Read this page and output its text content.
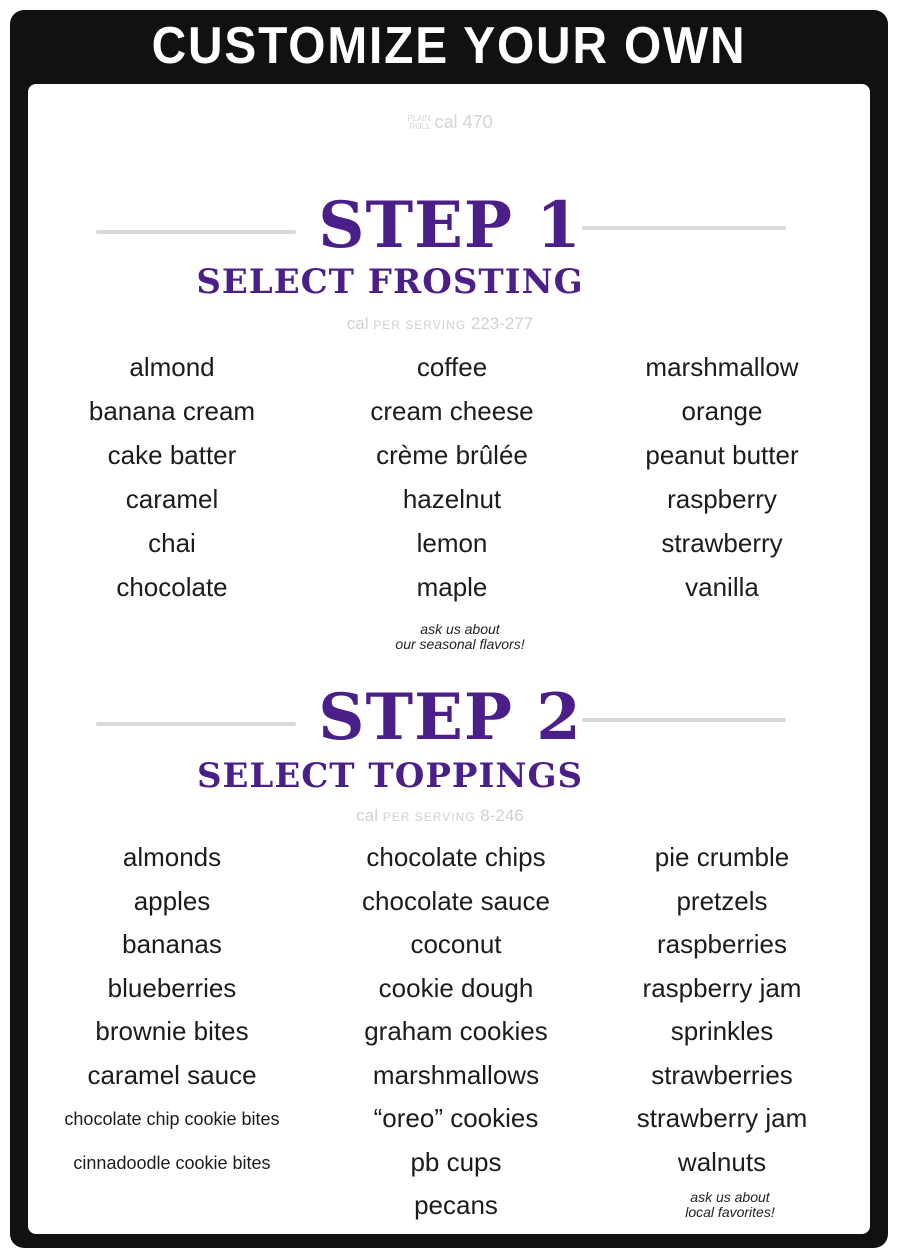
CUSTOMIZE YOUR OWN
PLAIN
ROLL cal 470
STEP 1
SELECT FROSTING
cal PER SERVING 223-277
almond
banana cream
cake batter
caramel
chai
chocolate
coffee
cream cheese
crème brûlée
hazelnut
lemon
maple
marshmallow
orange
peanut butter
raspberry
strawberry
vanilla
ask us about
our seasonal flavors!
STEP 2
SELECT TOPPINGS
cal PER SERVING 8-246
almonds
apples
bananas
blueberries
brownie bites
caramel sauce
chocolate chip cookie bites
cinnadoodle cookie bites
chocolate chips
chocolate sauce
coconut
cookie dough
graham cookies
marshmallows
“oreo” cookies
pb cups
pecans
pie crumble
pretzels
raspberries
raspberry jam
sprinkles
strawberries
strawberry jam
walnuts
ask us about
local favorites!
